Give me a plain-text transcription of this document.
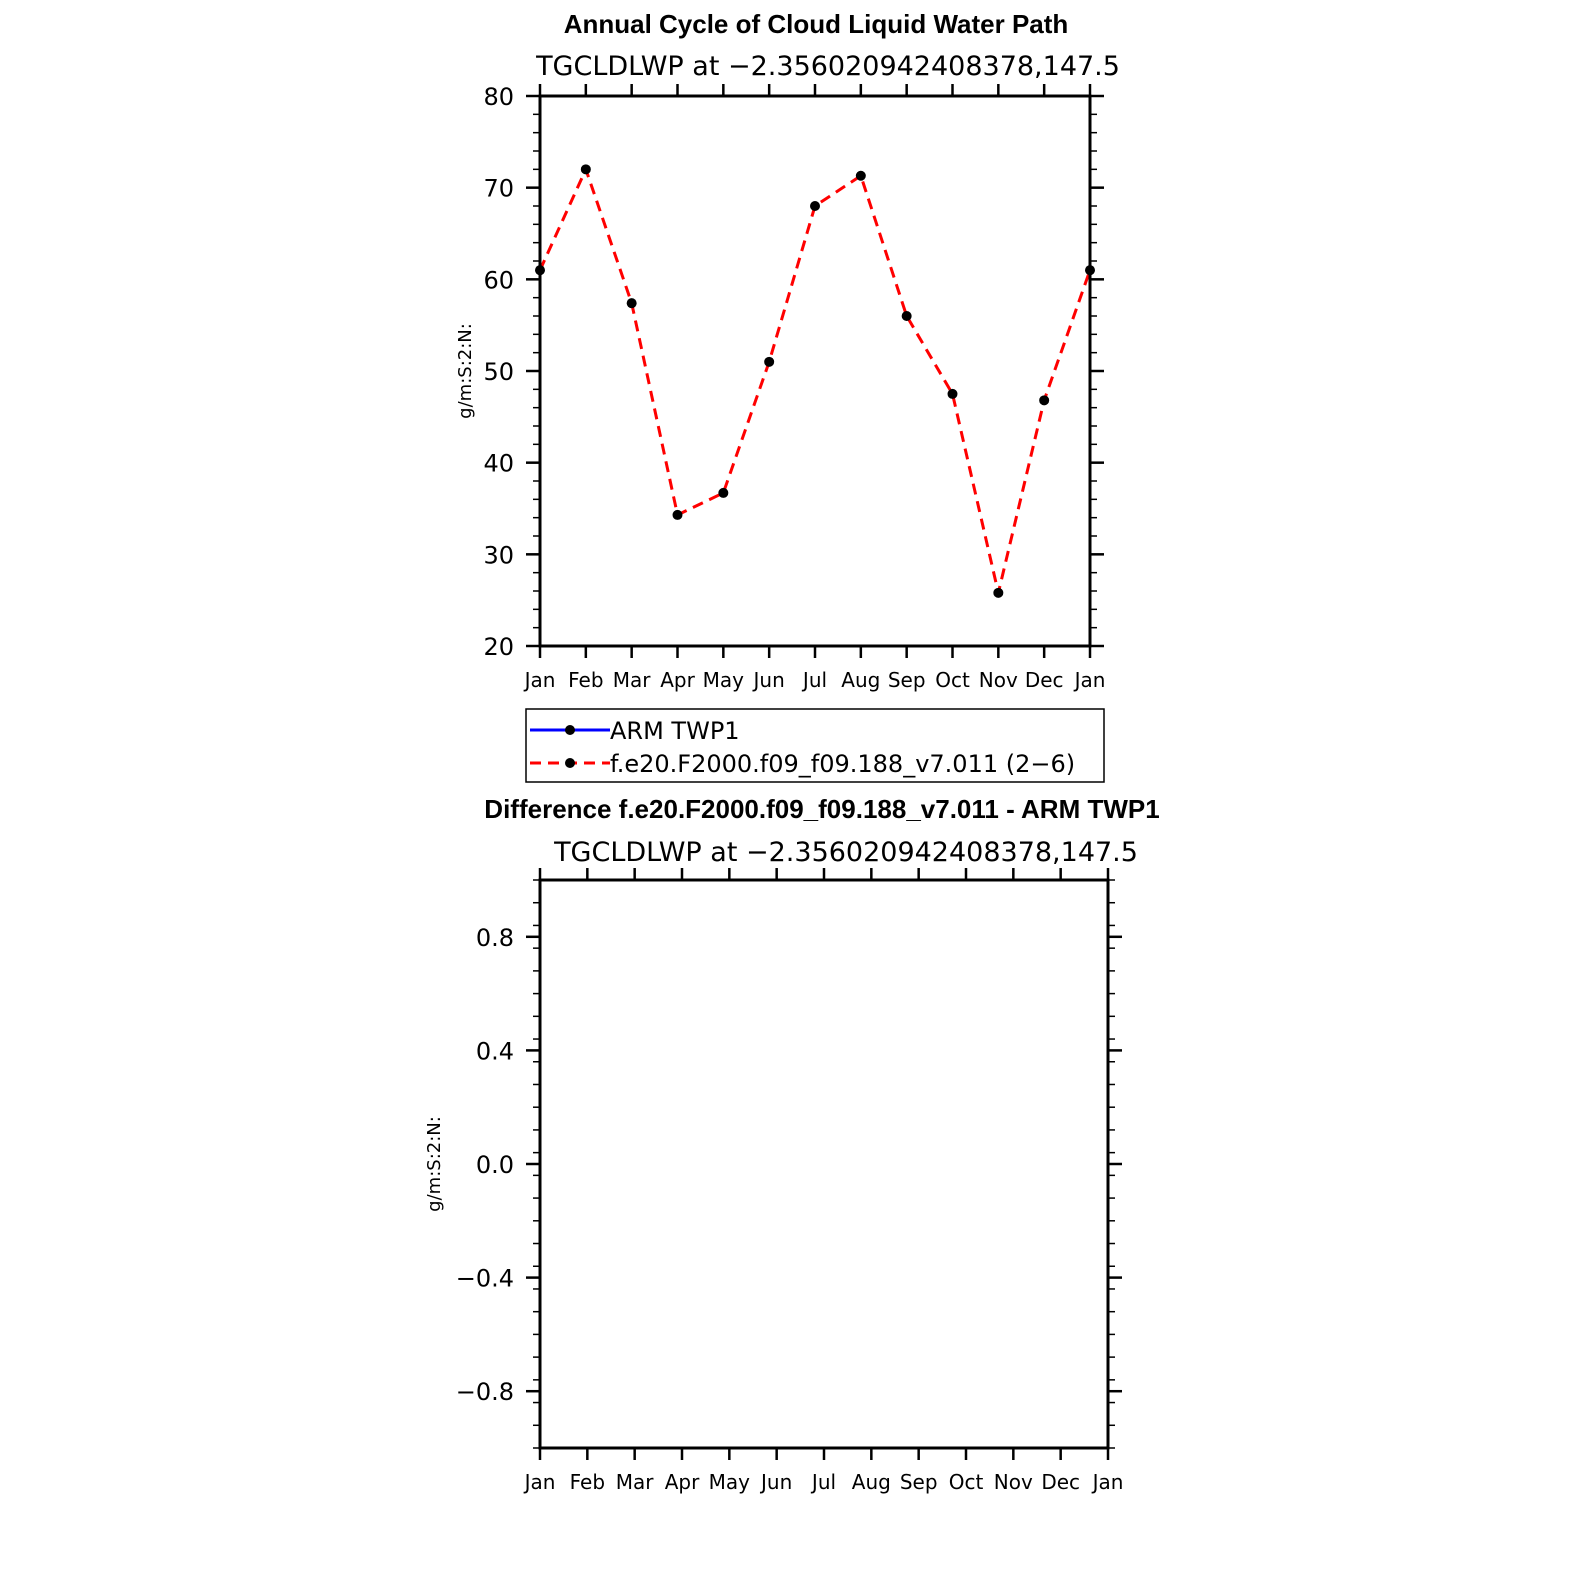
Annual Cycle of Cloud Liquid Water Path
TGCLDLWP at −2.356020942408378,147.5
20
30
40
50
60
70
80
Jan Feb Mar Apr May Jun Jul Aug Sep Oct Nov Dec Jan
g/m:S:2:N:
ARM TWP1
f.e20.F2000.f09_f09.188_v7.011 (2−6)
Difference f.e20.F2000.f09_f09.188_v7.011 - ARM TWP1
TGCLDLWP at −2.356020942408378,147.5
−0.8
−0.4
0.0
0.4
0.8
Jan Feb Mar Apr May Jun Jul Aug Sep Oct Nov Dec Jan
g/m:S:2:N:
